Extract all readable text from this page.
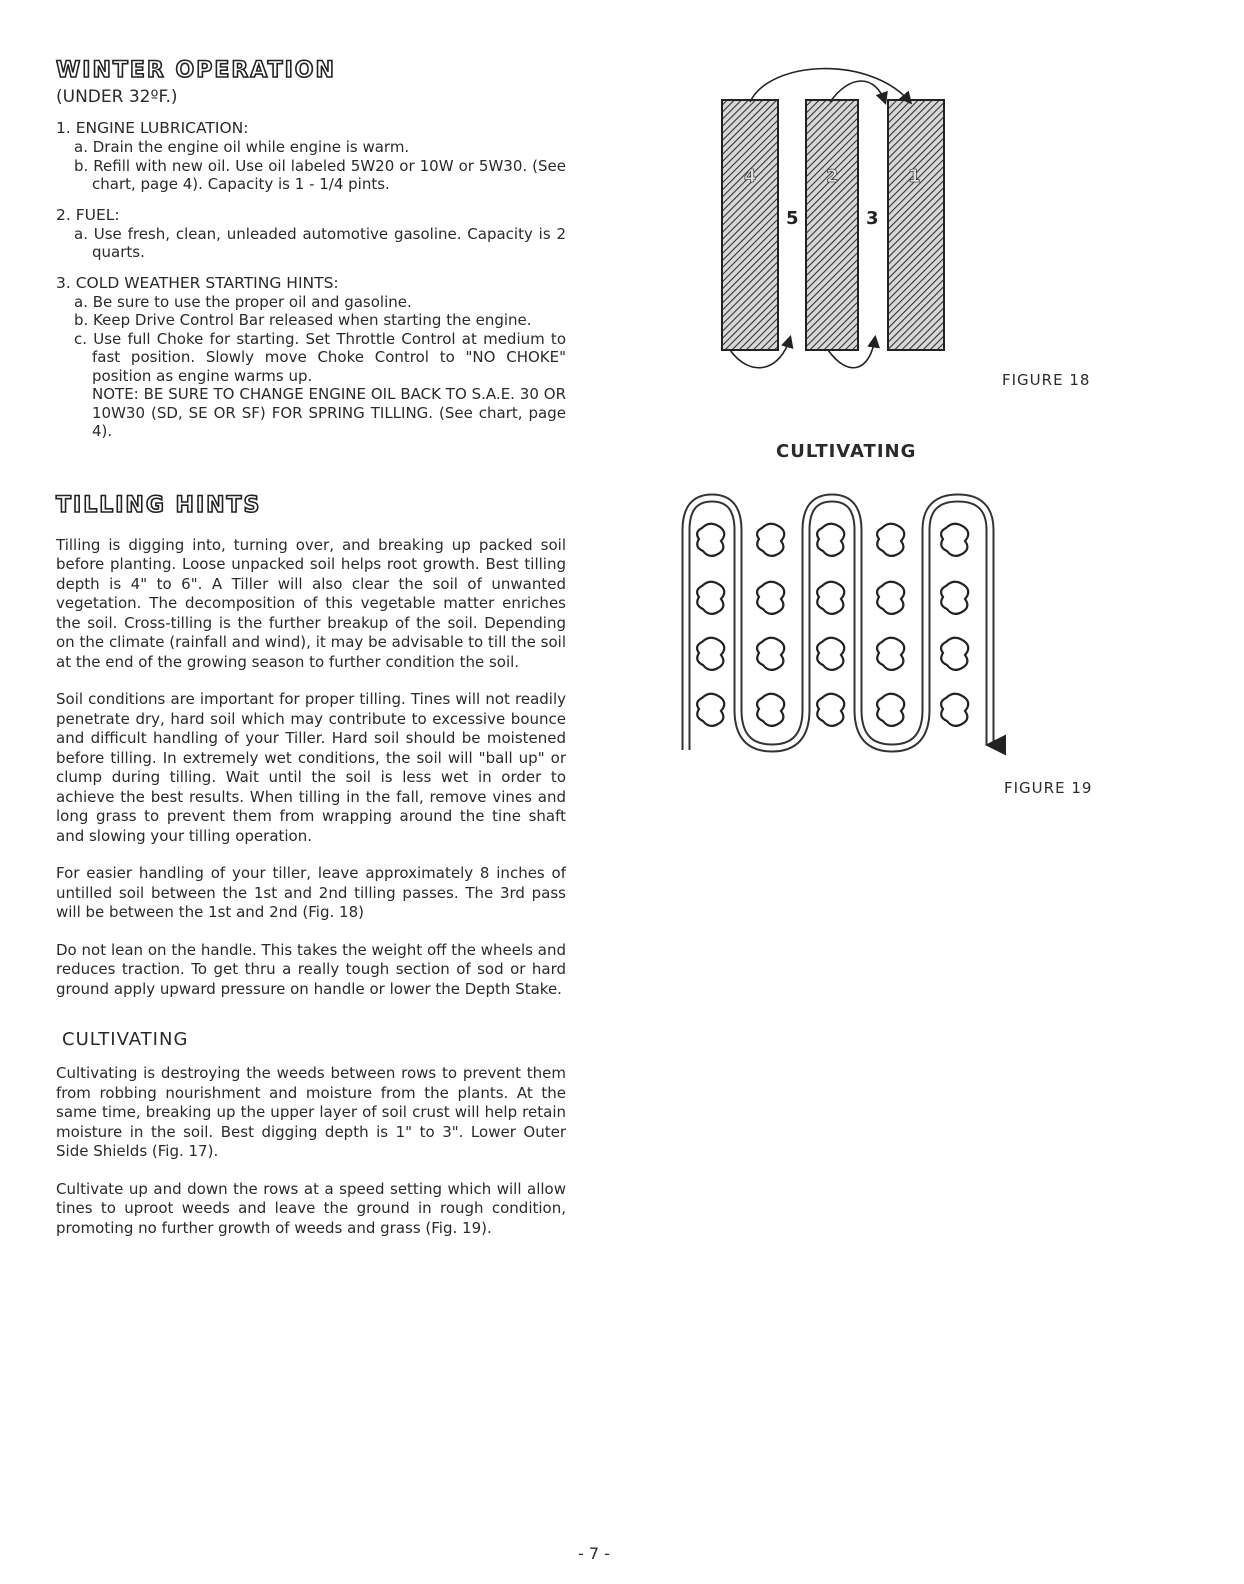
WINTER OPERATION
(UNDER 32ºF.)

1. ENGINE LUBRICATION:

a. Drain the engine oil while engine is warm.

b. Refill with new oil. Use oil labeled 5W20 or 10W or 5W30. (See chart, page 4). Capacity is 1 - 1/4 pints.

2. FUEL:

a. Use fresh, clean, unleaded automotive gasoline. Capacity is 2 quarts.

3. COLD WEATHER STARTING HINTS:

a. Be sure to use the proper oil and gasoline.

b. Keep Drive Control Bar released when starting the engine.

c. Use full Choke for starting. Set Throttle Control at medium to fast position. Slowly move Choke Control to "NO CHOKE" position as engine warms up.

NOTE: BE SURE TO CHANGE ENGINE OIL BACK TO S.A.E. 30 OR 10W30 (SD, SE OR SF) FOR SPRING TILLING. (See chart, page 4).

TILLING HINTS

Tilling is digging into, turning over, and breaking up packed soil before planting. Loose unpacked soil helps root growth. Best tilling depth is 4" to 6". A Tiller will also clear the soil of unwanted vegetation. The decomposition of this vegetable matter enriches the soil. Cross-tilling is the further breakup of the soil. Depending on the climate (rainfall and wind), it may be advisable to till the soil at the end of the growing season to further condition the soil.

Soil conditions are important for proper tilling. Tines will not readily penetrate dry, hard soil which may contribute to excessive bounce and difficult handling of your Tiller. Hard soil should be moistened before tilling. In extremely wet conditions, the soil will "ball up" or clump during tilling. Wait until the soil is less wet in order to achieve the best results. When tilling in the fall, remove vines and long grass to prevent them from wrapping around the tine shaft and slowing your tilling operation.

For easier handling of your tiller, leave approximately 8 inches of untilled soil between the 1st and 2nd tilling passes. The 3rd pass will be between the 1st and 2nd (Fig. 18)

Do not lean on the handle. This takes the weight off the wheels and reduces traction. To get thru a really tough section of sod or hard ground apply upward pressure on handle or lower the Depth Stake.

CULTIVATING

Cultivating is destroying the weeds between rows to prevent them from robbing nourishment and moisture from the plants. At the same time, breaking up the upper layer of soil crust will help retain moisture in the soil. Best digging depth is 1" to 3". Lower Outer Side Shields (Fig. 17).

Cultivate up and down the rows at a speed setting which will allow tines to uproot weeds and leave the ground in rough condition, promoting no further growth of weeds and grass (Fig. 19).

4	2	1
5	3
FIGURE 18
CULTIVATING
FIGURE 19
- 7 -
